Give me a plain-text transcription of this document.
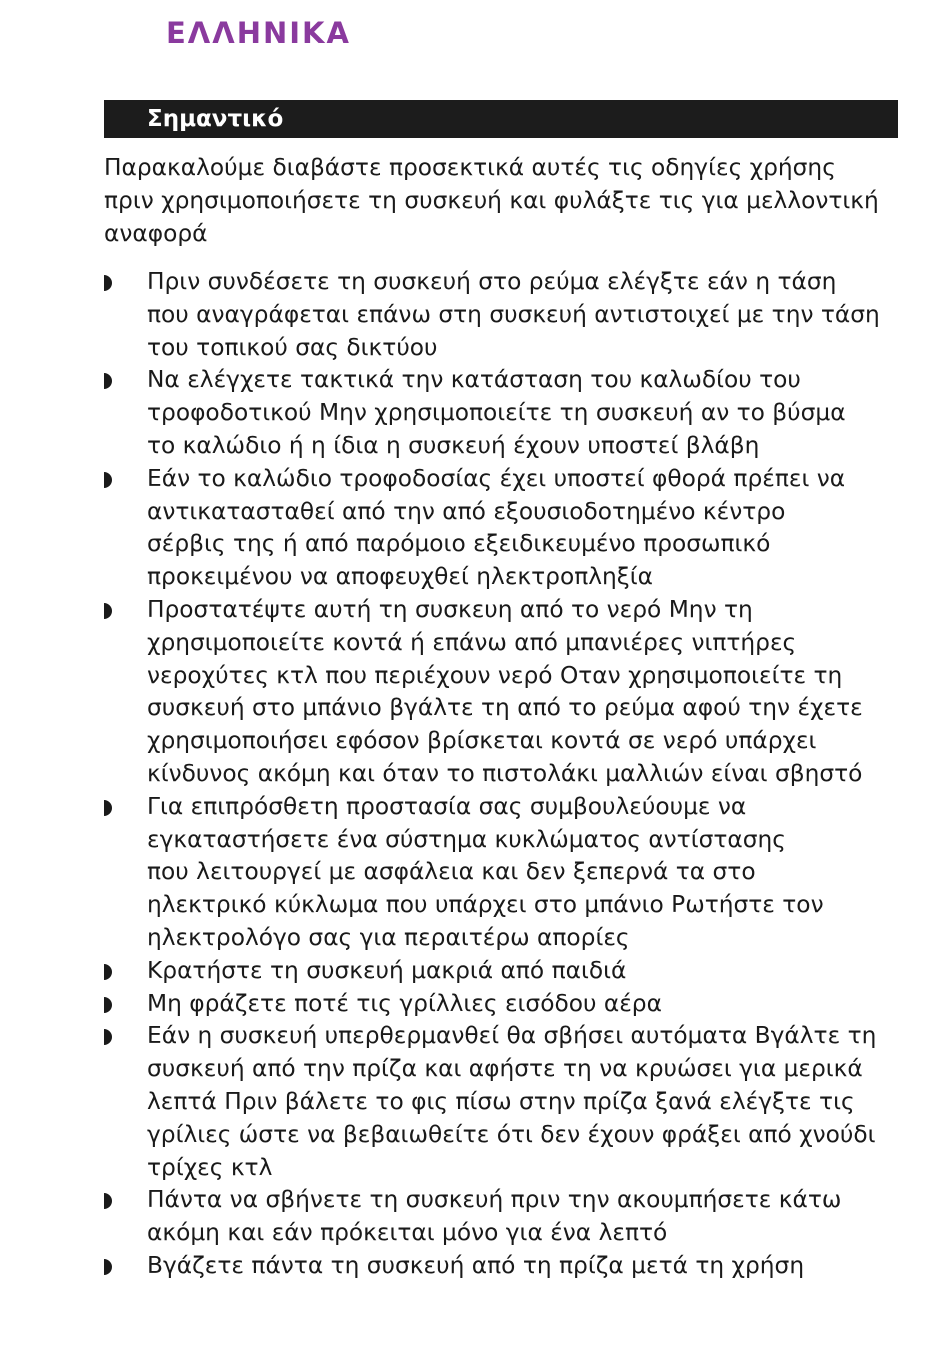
ΕΛΛΗΝΙΚΑ
Σημαντικό

Παρακαλούμε διαβάστε προσεκτικά αυτές τις οδηγίες χρήσης
πριν χρησιμοποιήσετε τη συσκευή και φυλάξτε τις για μελλοντική
αναφορά

Πριν συνδέσετε τη συσκευή στο ρεύμα ελέγξτε εάν η τάση
που αναγράφεται επάνω στη συσκευή αντιστοιχεί με την τάση
του τοπικού σας δικτύου
Να ελέγχετε τακτικά την κατάσταση του καλωδίου του
τροφοδοτικού Μην χρησιμοποιείτε τη συσκευή αν το βύσμα
το καλώδιο ή η ίδια η συσκευή έχουν υποστεί βλάβη
Εάν το καλώδιο τροφοδοσίας έχει υποστεί φθορά πρέπει να
αντικατασταθεί από την από εξουσιοδοτημένο κέντρο
σέρβις της ή από παρόμοιο εξειδικευμένο προσωπικό
προκειμένου να αποφευχθεί ηλεκτροπληξία
Προστατέψτε αυτή τη συσκευη από το νερό Μην τη
χρησιμοποιείτε κοντά ή επάνω από μπανιέρες νιπτήρες
νεροχύτες κτλ που περιέχουν νερό Οταν χρησιμοποιείτε τη
συσκευή στο μπάνιο βγάλτε τη από το ρεύμα αφού την έχετε
χρησιμοποιήσει εφόσον βρίσκεται κοντά σε νερό υπάρχει
κίνδυνος ακόμη και όταν το πιστολάκι μαλλιών είναι σβηστό
Για επιπρόσθετη προστασία σας συμβουλεύουμε να
εγκαταστήσετε ένα σύστημα κυκλώματος αντίστασης
που λειτουργεί με ασφάλεια και δεν ξεπερνά τα στο
ηλεκτρικό κύκλωμα που υπάρχει στο μπάνιο Ρωτήστε τον
ηλεκτρολόγο σας για περαιτέρω απορίες
Κρατήστε τη συσκευή μακριά από παιδιά
Μη φράζετε ποτέ τις γρίλλιες εισόδου αέρα
Εάν η συσκευή υπερθερμανθεί θα σβήσει αυτόματα Βγάλτε τη
συσκευή από την πρίζα και αφήστε τη να κρυώσει για μερικά
λεπτά Πριν βάλετε το φις πίσω στην πρίζα ξανά ελέγξτε τις
γρίλιες ώστε να βεβαιωθείτε ότι δεν έχουν φράξει από χνούδι
τρίχες κτλ
Πάντα να σβήνετε τη συσκευή πριν την ακουμπήσετε κάτω
ακόμη και εάν πρόκειται μόνο για ένα λεπτό
Βγάζετε πάντα τη συσκευή από τη πρίζα μετά τη χρήση
